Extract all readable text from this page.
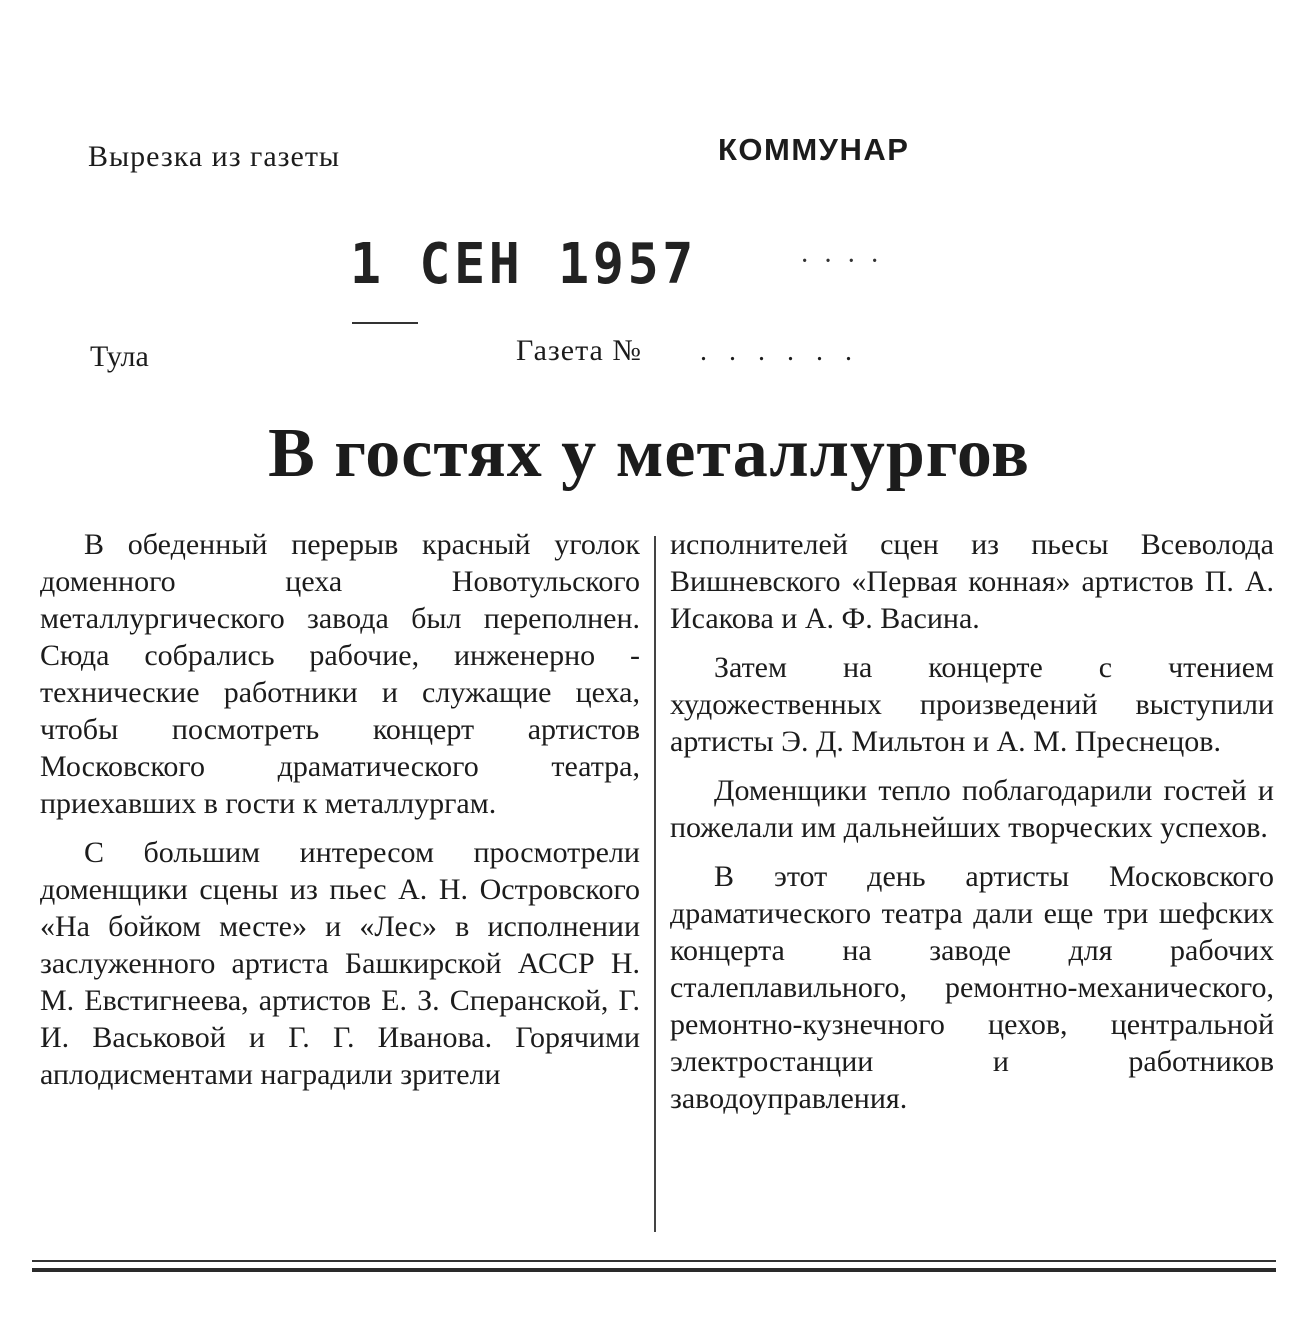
Вырезка из газеты	КОММУНАР
1 СЕН 1957	····
Тула	Газета № ......
В гостях у металлургов

В обеденный перерыв красный уголок доменного цеха Новотульского металлургического завода был переполнен. Сюда собрались рабочие, инженерно - технические работники и служащие цеха, чтобы посмотреть концерт артистов Московского драматического театра, приехавших в гости к металлургам.

С большим интересом просмотрели доменщики сцены из пьес А. Н. Островского «На бойком месте» и «Лес» в исполнении заслуженного артиста Башкирской АССР Н. М. Евстигнеева, артистов Е. З. Сперанской, Г. И. Васьковой и Г. Г. Иванова. Горячими аплодисментами наградили зрители

исполнителей сцен из пьесы Всеволода Вишневского «Первая конная» артистов П. А. Исакова и А. Ф. Васина.

Затем на концерте с чтением художественных произведений выступили артисты Э. Д. Мильтон и А. М. Преснецов.

Доменщики тепло поблагодарили гостей и пожелали им дальнейших творческих успехов.

В этот день артисты Московского драматического театра дали еще три шефских концерта на заводе для рабочих сталеплавильного, ремонтно-механического, ремонтно-кузнечного цехов, центральной электростанции и работников заводоуправления.
